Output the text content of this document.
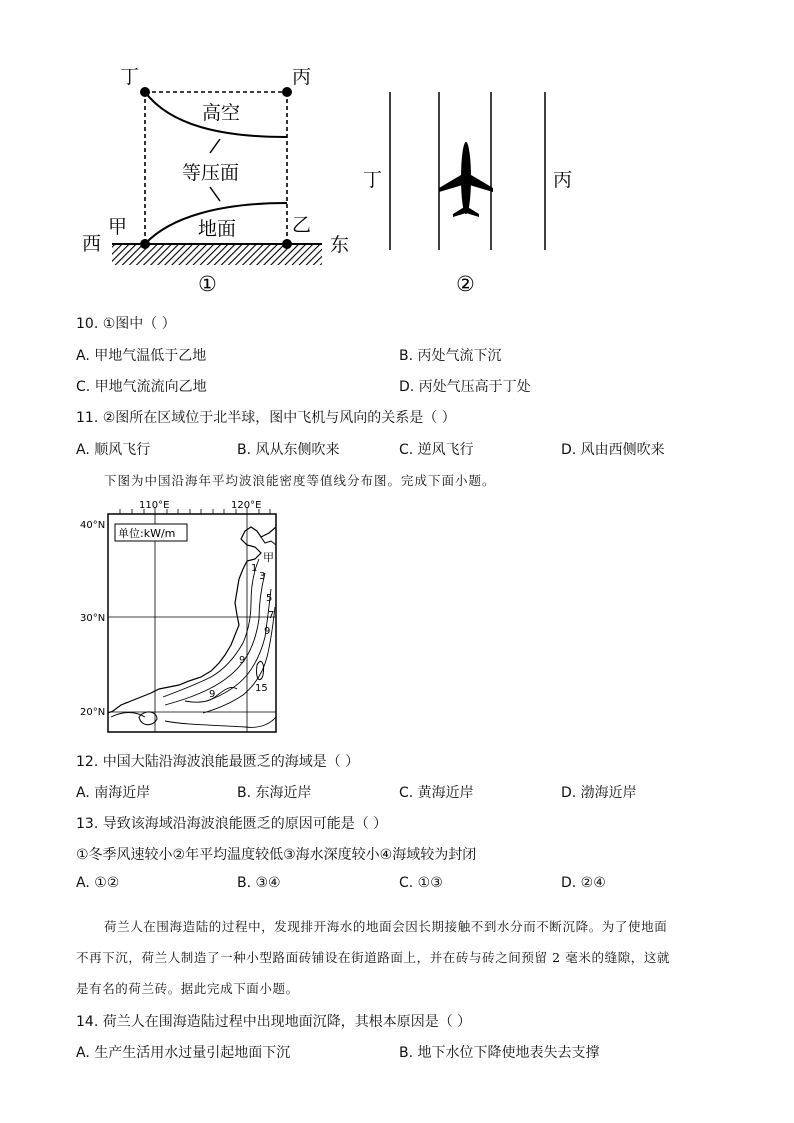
丁	丙
高空
等压面
地面
甲	乙
西	东
①
丁	丙
②
10. ①图中（ ）
A. 甲地气温低于乙地	B. 丙处气流下沉
C. 甲地气流流向乙地	D. 丙处气压高于丁处
11. ②图所在区域位于北半球，图中飞机与风向的关系是（ ）
A. 顺风飞行	B. 风从东侧吹来	C. 逆风飞行	D. 风由西侧吹来
下图为中国沿海年平均波浪能密度等值线分布图。完成下面小题。
110°E	120°E
40°N
30°N
20°N
单位:kW/m
甲
1
3
5
7
9
9
9
15
12. 中国大陆沿海波浪能最匮乏的海域是（ ）
A. 南海近岸	B. 东海近岸	C. 黄海近岸	D. 渤海近岸
13. 导致该海域沿海波浪能匮乏的原因可能是（ ）
①冬季风速较小②年平均温度较低③海水深度较小④海域较为封闭
A. ①②	B. ③④	C. ①③	D. ②④
荷兰人在围海造陆的过程中，发现排开海水的地面会因长期接触不到水分而不断沉降。为了使地面
不再下沉，荷兰人制造了一种小型路面砖铺设在街道路面上，并在砖与砖之间预留 2 毫米的缝隙，这就
是有名的荷兰砖。据此完成下面小题。
14. 荷兰人在围海造陆过程中出现地面沉降，其根本原因是（ ）
A. 生产生活用水过量引起地面下沉	B. 地下水位下降使地表失去支撑
